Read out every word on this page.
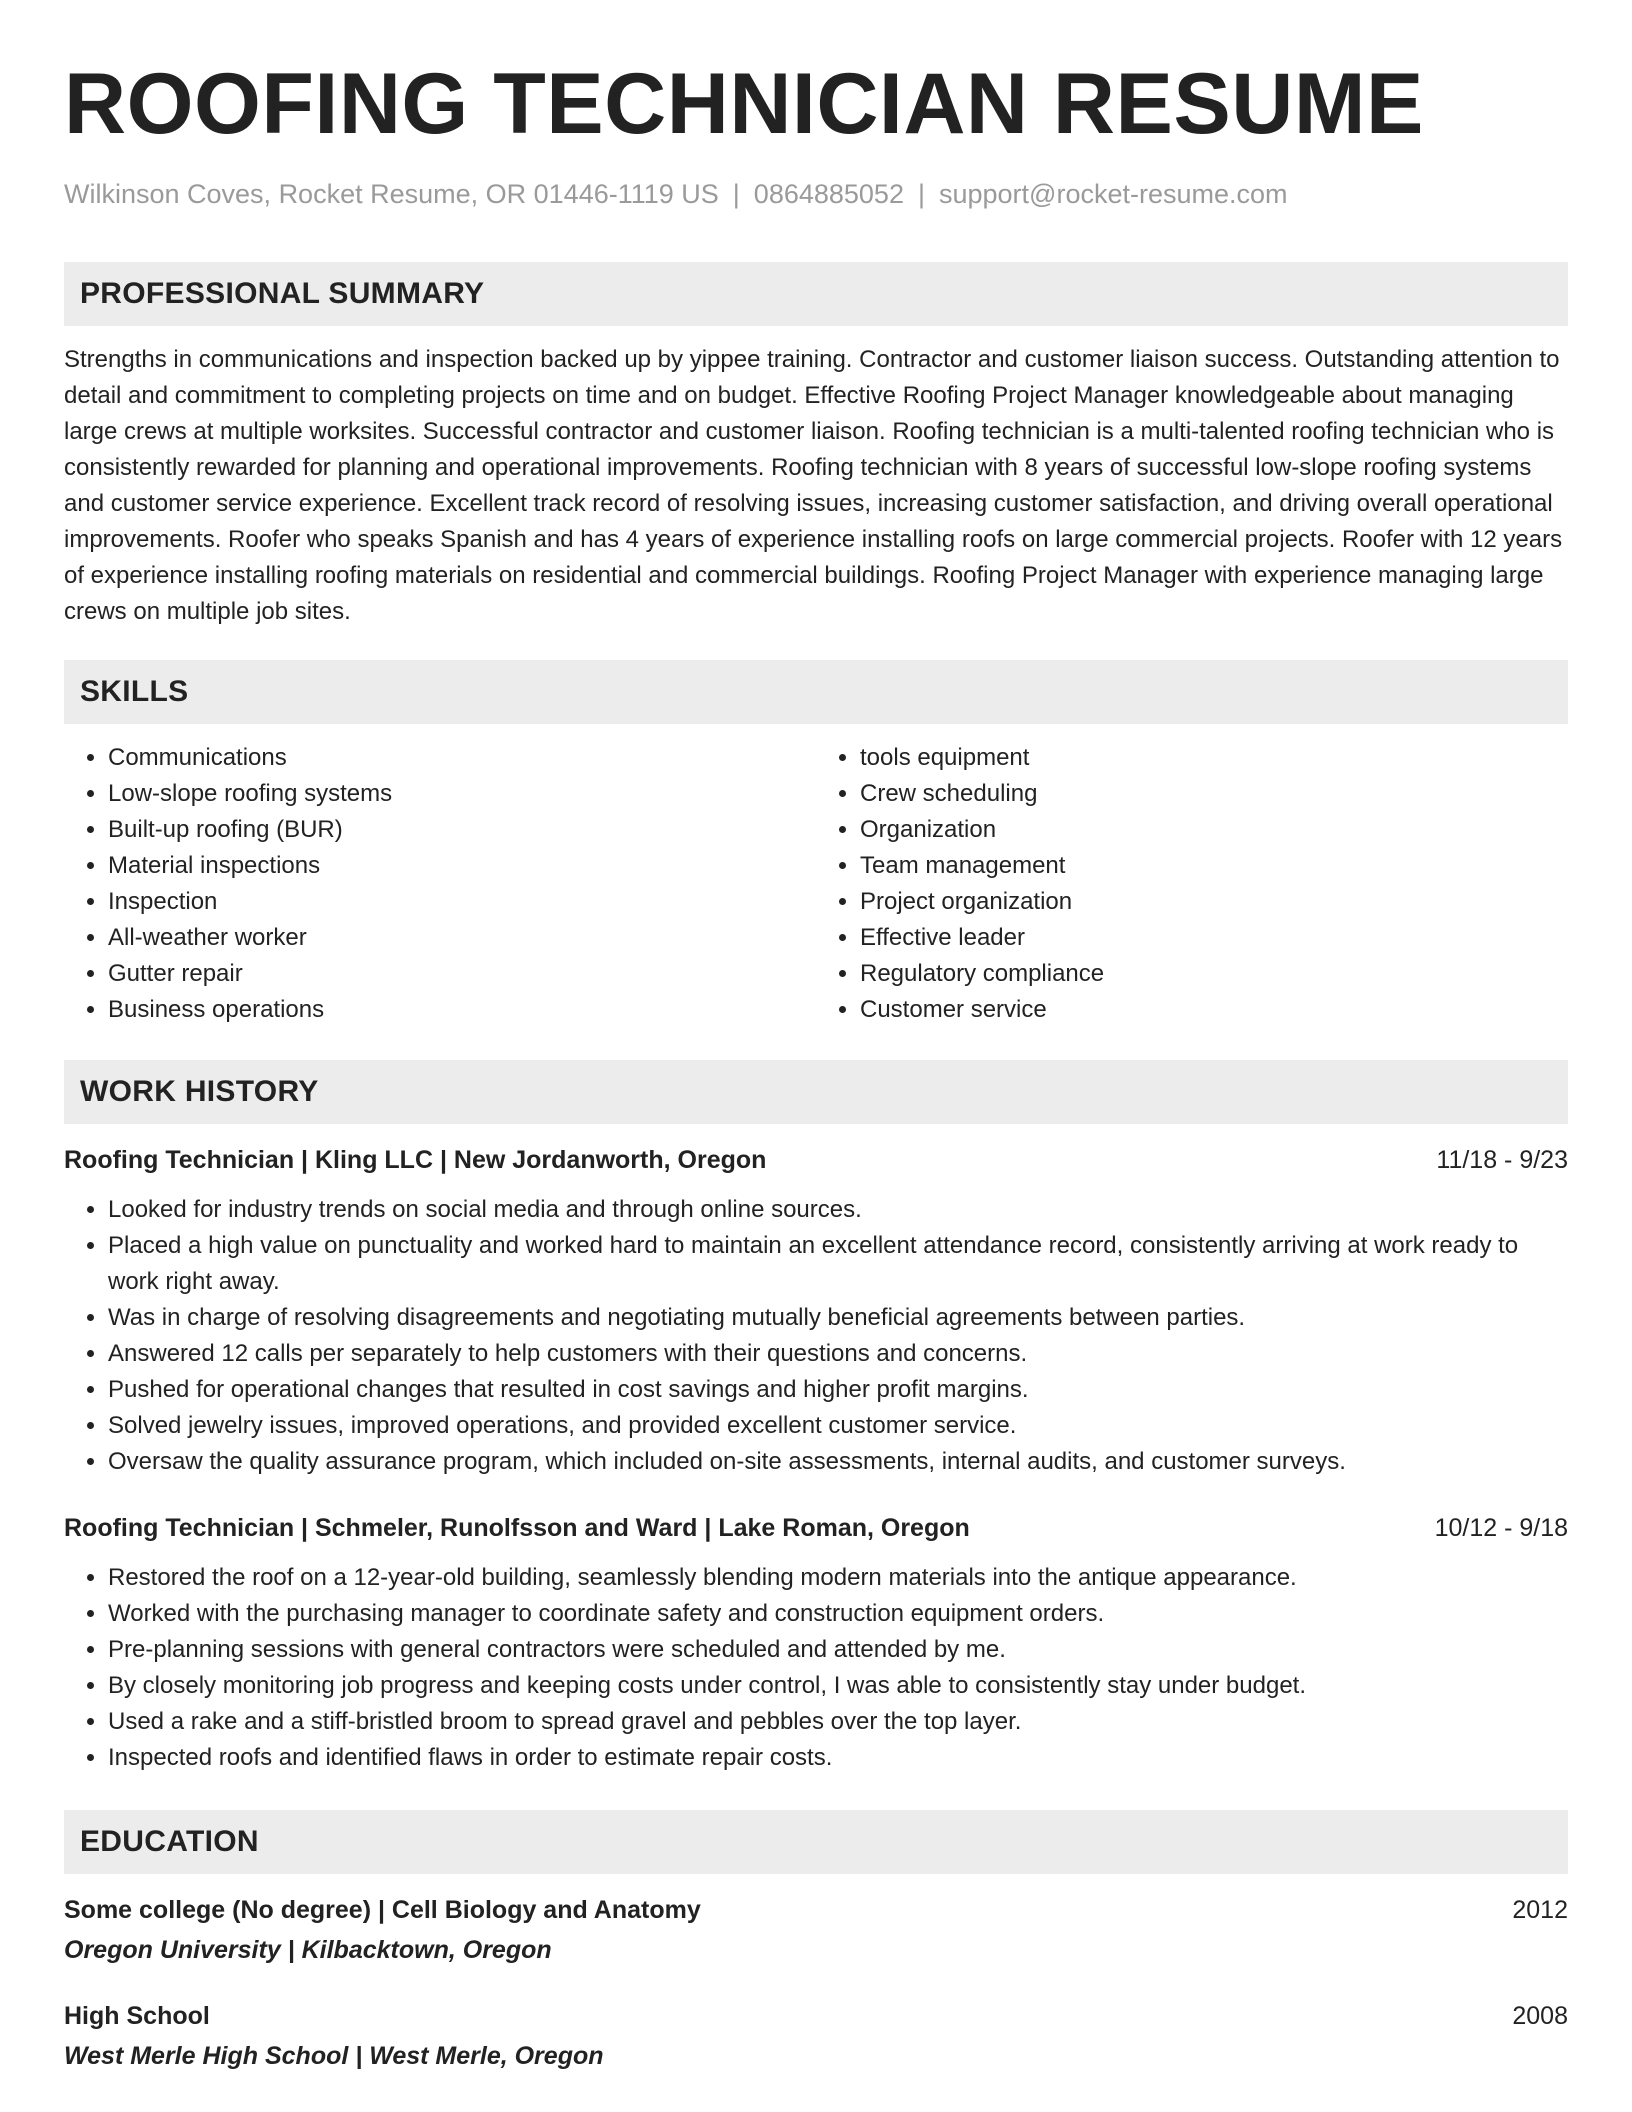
ROOFING TECHNICIAN RESUME
Wilkinson Coves, Rocket Resume, OR 01446-1119 US | 0864885052 | support@rocket-resume.com
PROFESSIONAL SUMMARY

Strengths in communications and inspection backed up by yippee training. Contractor and customer liaison success. Outstanding attention to detail and commitment to completing projects on time and on budget. Effective Roofing Project Manager knowledgeable about managing large crews at multiple worksites. Successful contractor and customer liaison. Roofing technician is a multi-talented roofing technician who is consistently rewarded for planning and operational improvements. Roofing technician with 8 years of successful low-slope roofing systems and customer service experience. Excellent track record of resolving issues, increasing customer satisfaction, and driving overall operational improvements. Roofer who speaks Spanish and has 4 years of experience installing roofs on large commercial projects. Roofer with 12 years of experience installing roofing materials on residential and commercial buildings. Roofing Project Manager with experience managing large crews on multiple job sites.

SKILLS
• Communications
• Low-slope roofing systems
• Built-up roofing (BUR)
• Material inspections
• Inspection
• All-weather worker
• Gutter repair
• Business operations
• tools equipment
• Crew scheduling
• Organization
• Team management
• Project organization
• Effective leader
• Regulatory compliance
• Customer service
WORK HISTORY
Roofing Technician | Kling LLC | New Jordanworth, Oregon	11/18 - 9/23
• Looked for industry trends on social media and through online sources.
• Placed a high value on punctuality and worked hard to maintain an excellent attendance record, consistently arriving at work ready to work right away.
• Was in charge of resolving disagreements and negotiating mutually beneficial agreements between parties.
• Answered 12 calls per separately to help customers with their questions and concerns.
• Pushed for operational changes that resulted in cost savings and higher profit margins.
• Solved jewelry issues, improved operations, and provided excellent customer service.
• Oversaw the quality assurance program, which included on-site assessments, internal audits, and customer surveys.
Roofing Technician | Schmeler, Runolfsson and Ward | Lake Roman, Oregon	10/12 - 9/18
• Restored the roof on a 12-year-old building, seamlessly blending modern materials into the antique appearance.
• Worked with the purchasing manager to coordinate safety and construction equipment orders.
• Pre-planning sessions with general contractors were scheduled and attended by me.
• By closely monitoring job progress and keeping costs under control, I was able to consistently stay under budget.
• Used a rake and a stiff-bristled broom to spread gravel and pebbles over the top layer.
• Inspected roofs and identified flaws in order to estimate repair costs.
EDUCATION
Some college (No degree) | Cell Biology and Anatomy	2012
Oregon University | Kilbacktown, Oregon
High School	2008
West Merle High School | West Merle, Oregon
